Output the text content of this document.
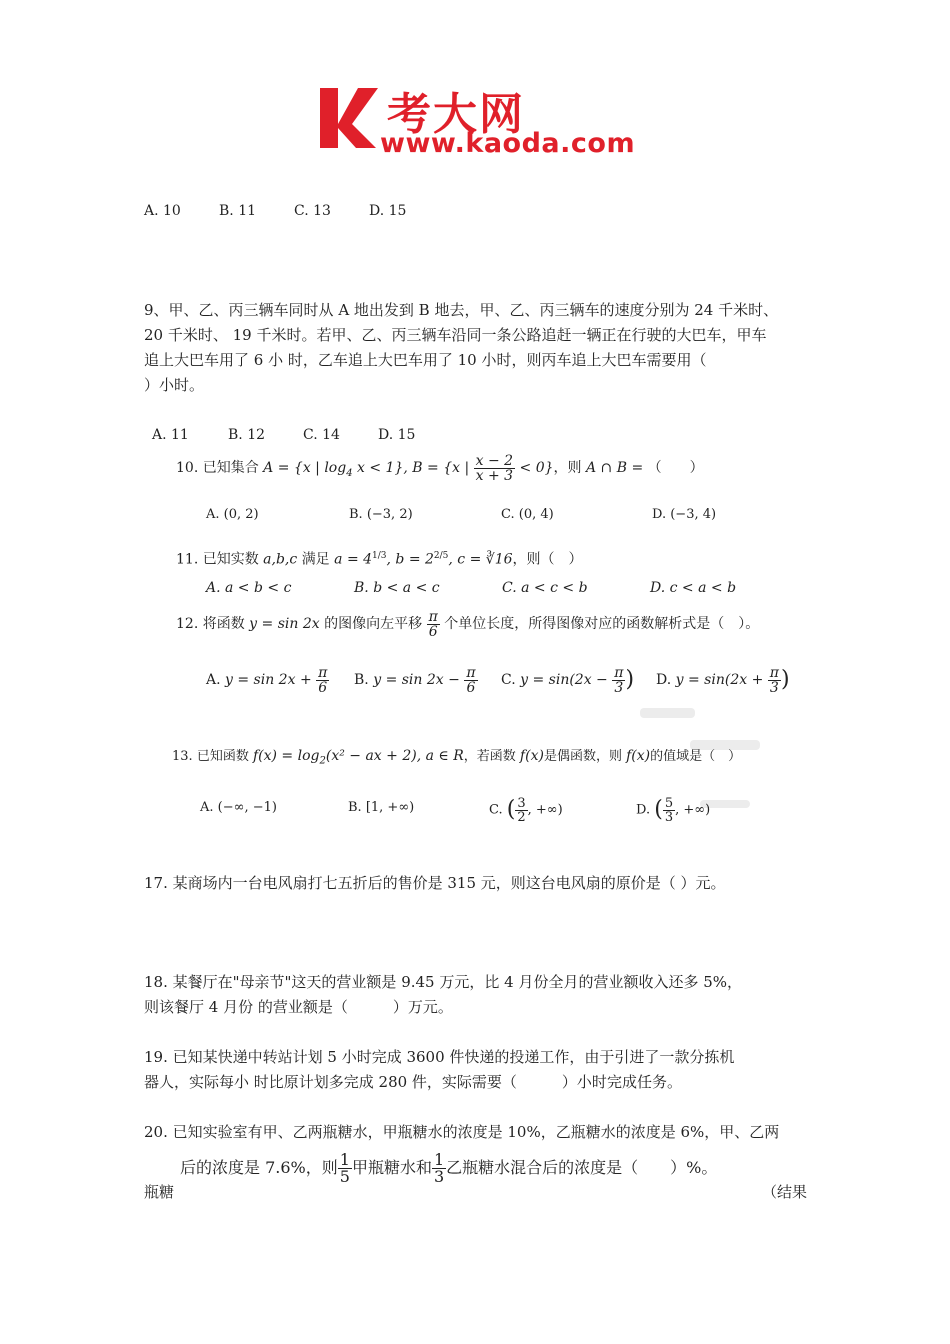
考大网
www.kaoda.com
A. 10	B. 11	C. 13	D. 15
9、甲、乙、丙三辆车同时从 A 地出发到 B 地去，甲、乙、丙三辆车的速度分别为 24 千米时、
20 千米时、 19 千米时。若甲、乙、丙三辆车沿同一条公路追赶一辆正在行驶的大巴车，甲车
追上大巴车用了 6 小 时，乙车追上大巴车用了 10 小时，则丙车追上大巴车需要用（
）小时。
A. 11	B. 12	C. 14	D. 15
10. 已知集合 A = {x | $\log_4 x < 1$}, B = {x | $\frac{x - 2}{x + 3} < 0$}，则 A ∩ B = （　　）
A. (0, 2)	B. (−3, 2)	C. (0, 4)	D. (−3, 4)
11. 已知实数 a,b,c 满足 $a = 4^{1/3}$, $b = 2^{2/5}$, c = ∛16，则（　）
A. a < b < c	B. b < a < c	C. a < c < b	D. c < a < b
12. 将函数 y = sin 2x 的图像向左平移 $\frac{\pi}{6}$ 个单位长度，所得图像对应的函数解析式是（　）。
A. $y = \sin 2x + \frac{\pi}{6} B$. $y = \sin 2x - \frac{\pi}{6} C$. $y = \sin(2x - \frac{\pi}{3}$ ) D. $y = \sin(2x + \frac{\pi}{3}$ )
13. 已知函数 $f(x) = \log_2(x^2$ − ax + 2), a ∈ R，若函数 f(x)是偶函数，则 f(x)的值域是（　）
A. (−∞, −1)	B. [1, +∞)	C. ( $\frac{3}{2}$ , +∞)	D. ( $\frac{5}{3}$ , +∞)
17. 某商场内一台电风扇打七五折后的售价是 315 元，则这台电风扇的原价是（ ）元。
18. 某餐厅在"母亲节"这天的营业额是 9.45 万元，比 4 月份全月的营业额收入还多 5%，
则该餐厅 4 月份 的营业额是（　　　）万元。
19. 已知某快递中转站计划 5 小时完成 3600 件快递的投递工作，由于引进了一款分拣机
器人，实际每小 时比原计划多完成 280 件，实际需要（　　　）小时完成任务。
20. 已知实验室有甲、乙两瓶糖水，甲瓶糖水的浓度是 10%，乙瓶糖水的浓度是 6%，甲、乙两
后的浓度是 7.6%，则 $\frac{1}{5}$ 甲瓶糖水和 $\frac{1}{3}$ 乙瓶糖水混合后的浓度是（　　）%。
瓶糖	（结果
